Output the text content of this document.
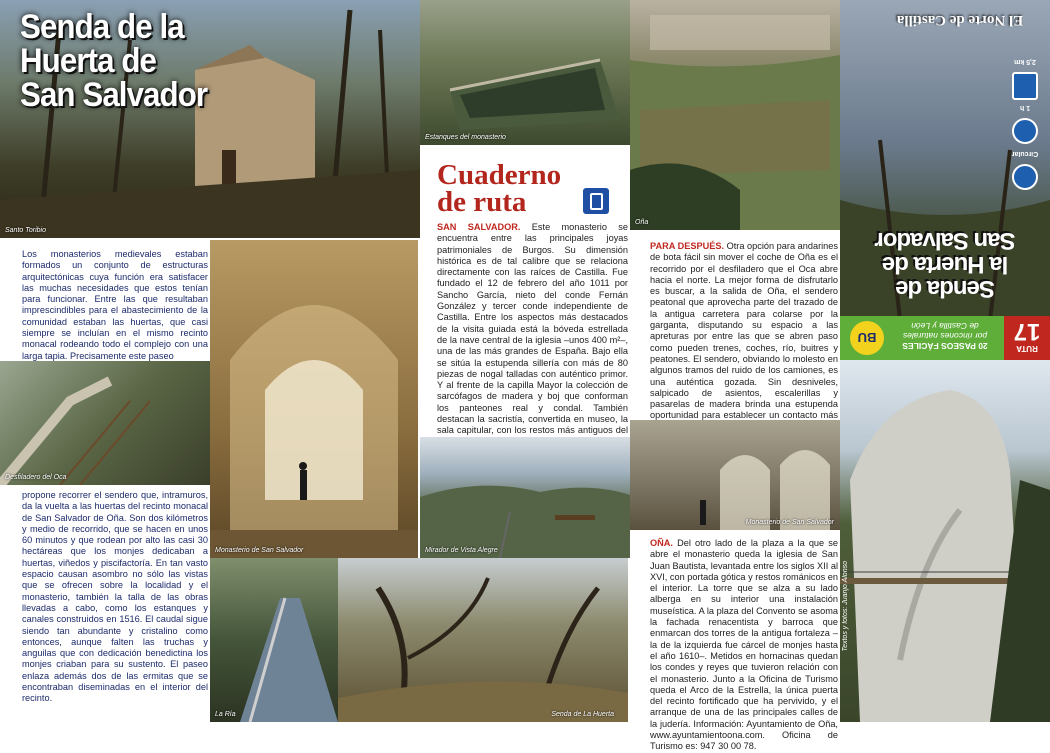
Santo Toribio
Senda de la
Huerta de
San Salvador
Los monasterios medievales estaban formados un conjunto de estructuras arquitectónicas cuya función era satisfacer las muchas necesidades que estos tenían para funcionar. Entre las que resultaban imprescindibles para el abastecimiento de la comunidad estaban las huertas, que casi siempre se incluían en el mismo recinto monacal rodeando todo el complejo con una larga tapia. Precisamente este paseo
Monasterio de San Salvador
Desfiladero del Oca
propone recorrer el sendero que, intramuros, da la vuelta a las huertas del recinto monacal de San Salvador de Oña. Son dos kilómetros y medio de recorrido, que se hacen en unos 60 minutos y que rodean por alto las casi 30 hectáreas que los monjes dedicaban a huertas, viñedos y piscifactoría. En tan vasto espacio causan asombro no sólo las vistas que se ofrecen sobre la localidad y el monasterio, también la talla de las obras llevadas a cabo, como los estanques y canales construidos en 1516. El caudal sigue siendo tan abundante y cristalino como entonces, aunque falten las truchas y anguilas que con dedicación benedictina los monjes criaban para su sustento. El paseo enlaza además dos de las ermitas que se encontraban diseminadas en el interior del recinto.
La Ría	Senda de La Huerta
Estanques del monasterio
Cuaderno
de ruta
SAN SALVADOR. Este monasterio se encuentra entre las principales joyas patrimoniales de Burgos. Su dimensión histórica es de tal calibre que se relaciona directamente con las raíces de Castilla. Fue fundado el 12 de febrero del año 1011 por Sancho García, nieto del conde Fernán González y tercer conde independiente de Castilla. Entre los aspectos más destacados de la visita guiada está la bóveda estrellada de la nave central de la iglesia –unos 400 m²–, una de las más grandes de España. Bajo ella se sitúa la estupenda sillería con más de 80 piezas de nogal talladas con auténtico primor. Y al frente de la capilla Mayor la colección de sarcófagos de madera y boj que conforman los panteones real y condal. También destacan la sacristía, convertida en museo, la sala capitular, con los restos más antiguos del
Mirador de Vista Alegre
Oña
PARA DESPUÉS. Otra opción para andarines de bota fácil sin mover el coche de Oña es el recorrido por el desfiladero que el Oca abre hacia el norte. La mejor forma de disfrutarlo es buscar, a la salida de Oña, el sendero peatonal que aprovecha parte del trazado de la antigua carretera para colarse por la garganta, disputando su espacio a las apreturas por entre las que se abren paso como pueden trenes, coches, río, buitres y peatones. El sendero, obviando lo molesto en algunos tramos del ruido de los camiones, es una auténtica gozada. Sin desniveles, salpicado de asientos, escalerillas y pasarelas de madera brinda una estupenda oportunidad para establecer un contacto más
Monasterio de San Salvador
OÑA. Del otro lado de la plaza a la que se abre el monasterio queda la iglesia de San Juan Bautista, levantada entre los siglos XII al XVI, con portada gótica y restos románicos en el interior. La torre que se alza a su lado alberga en su interior una instalación museística. A la plaza del Convento se asoma la fachada renacentista y barroca que enmarcan dos torres de la antigua fortaleza –la de la izquierda fue cárcel de monjes hasta el año 1610–. Metidos en hornacinas quedan los condes y reyes que tuvieron relación con el monasterio. Junto a la Oficina de Turismo queda el Arco de la Estrella, la única puerta del recinto fortificado que ha pervivido, y el arranque de una de las principales calles de la judería. Información: Ayuntamiento de Oña, www.ayuntamientoona.com. Oficina de Turismo es: 947 30 00 78.
El Norte de Castilla
2,5 km
1 h
Circular
Senda de
la Huerta de
San Salvador
BU
20 PASEOS FÁCILES
por rincones naturales
de Castilla y León
RUTA
17
Textos y fotos: Juanjo Alonso
